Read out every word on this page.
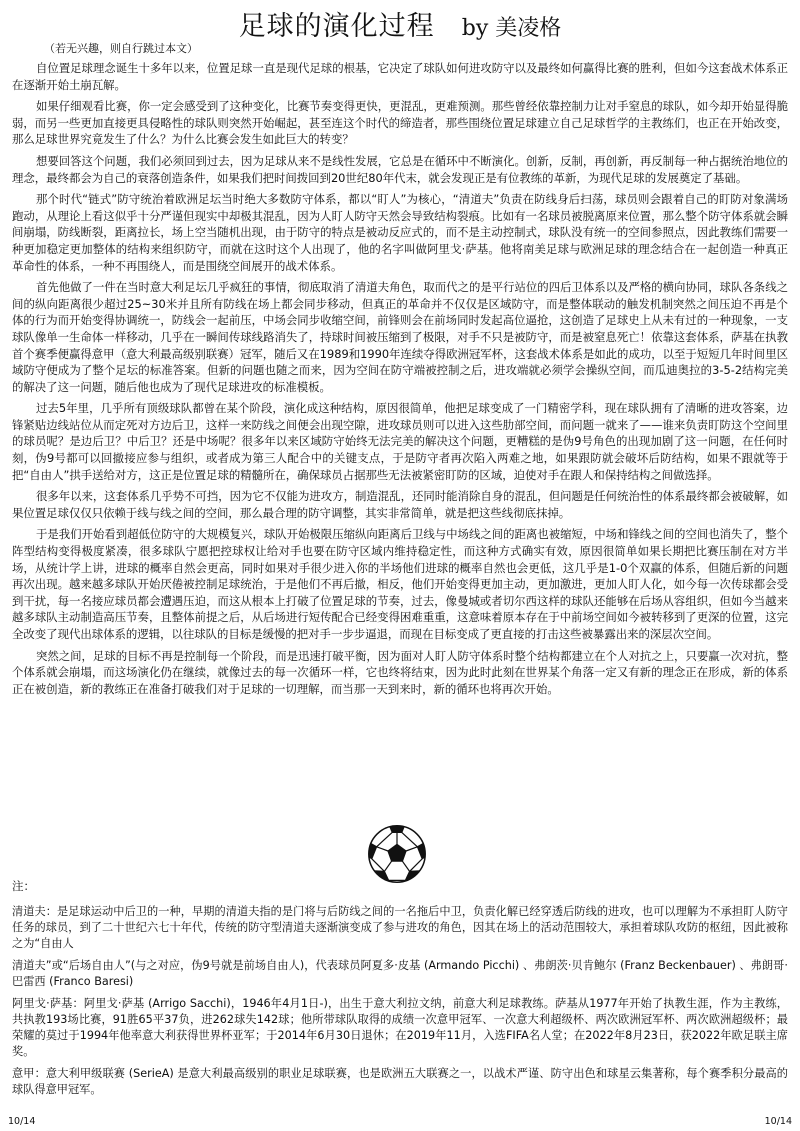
足球的演化过程 by 美凌格
（若无兴趣，则自行跳过本文）

自位置足球理念诞生十多年以来，位置足球一直是现代足球的根基，它决定了球队如何进攻防守以及最终如何赢得比赛的胜利，但如今这套战术体系正在逐渐开始土崩瓦解。

如果仔细观看比赛，你一定会感受到了这种变化，比赛节奏变得更快，更混乱，更难预测。那些曾经依靠控制力让对手窒息的球队，如今却开始显得脆弱，而另一些更加直接更具侵略性的球队则突然开始崛起，甚至连这个时代的缔造者，那些围绕位置足球建立自己足球哲学的主教练们，也正在开始改变，那么足球世界究竟发生了什么？为什么比赛会发生如此巨大的转变？

想要回答这个问题，我们必须回到过去，因为足球从来不是线性发展，它总是在循环中不断演化。创新，反制，再创新，再反制每一种占据统治地位的理念，最终都会为自己的衰落创造条件，如果我们把时间拨回到20世纪80年代末，就会发现正是有位教练的革新，为现代足球的发展奠定了基础。

那个时代“链式”防守统治着欧洲足坛当时绝大多数防守体系，都以“盯人”为核心，“清道夫”负责在防线身后扫荡，球员则会跟着自己的盯防对象满场跑动，从理论上看这似乎十分严谨但现实中却极其混乱，因为人盯人防守天然会导致结构裂痕。比如有一名球员被脱离原来位置，那么整个防守体系就会瞬间崩塌，防线断裂，距离拉长，场上空当随机出现，由于防守的特点是被动反应式的，而不是主动控制式，球队没有统一的空间参照点，因此教练们需要一种更加稳定更加整体的结构来组织防守，而就在这时这个人出现了，他的名字叫做阿里戈·萨基。他将南美足球与欧洲足球的理念结合在一起创造一种真正革命性的体系，一种不再围绕人，而是围绕空间展开的战术体系。

首先他做了一件在当时意大利足坛几乎疯狂的事情，彻底取消了清道夫角色，取而代之的是平行站位的四后卫体系以及严格的横向协同，球队各条线之间的纵向距离很少超过25~30米并且所有防线在场上都会同步移动，但真正的革命并不仅仅是区域防守，而是整体联动的触发机制突然之间压迫不再是个体的行为而开始变得协调统一，防线会一起前压，中场会同步收缩空间，前锋则会在前场同时发起高位逼抢，这创造了足球史上从未有过的一种现象，一支球队像单一生命体一样移动，几乎在一瞬间传球线路消失了，持球时间被压缩到了极限，对手不只是被防守，而是被窒息死亡！依靠这套体系，萨基在执教首个赛季便赢得意甲（意大利最高级别联赛）冠军，随后又在1989和1990年连续夺得欧洲冠军杯，这套战术体系是如此的成功，以至于短短几年时间里区域防守便成为了整个足坛的标准答案。但新的问题也随之而来，因为空间在防守端被控制之后，进攻端就必须学会操纵空间，而瓜迪奥拉的3-5-2结构完美的解决了这一问题，随后他也成为了现代足球进攻的标准模板。

过去5年里，几乎所有顶级球队都曾在某个阶段，演化成这种结构，原因很简单，他把足球变成了一门精密学科，现在球队拥有了清晰的进攻答案，边锋紧贴边线站位从而定死对方边后卫，这样一来防线之间便会出现空隙，进攻球员则可以进入这些肋部空间，而问题一就来了——谁来负责盯防这个空间里的球员呢？是边后卫？中后卫？还是中场呢？很多年以来区域防守始终无法完美的解决这个问题，更糟糕的是伪9号角色的出现加剧了这一问题，在任何时刻，伪9号都可以回撤接应参与组织，或者成为第三人配合中的关键支点，于是防守者再次陷入两难之地，如果跟防就会破坏后防结构，如果不跟就等于把“自由人”拱手送给对方，这正是位置足球的精髓所在，确保球员占据那些无法被紧密盯防的区域，迫使对手在跟人和保持结构之间做选择。

很多年以来，这套体系几乎势不可挡，因为它不仅能为进攻方，制造混乱，还同时能消除自身的混乱，但问题是任何统治性的体系最终都会被破解，如果位置足球仅仅只依赖于线与线之间的空间，那么最合理的防守调整，其实非常简单，就是把这些线彻底抹掉。

于是我们开始看到超低位防守的大规模复兴，球队开始极限压缩纵向距离后卫线与中场线之间的距离也被缩短，中场和锋线之间的空间也消失了，整个阵型结构变得极度紧凑，很多球队宁愿把控球权让给对手也要在防守区域内维持稳定性，而这种方式确实有效，原因很简单如果长期把比赛压制在对方半场，从统计学上讲，进球的概率自然会更高，同时如果对手很少进入你的半场他们进球的概率自然也会更低，这几乎是1-0个双赢的体系，但随后新的问题再次出现。越来越多球队开始厌倦被控制足球统治，于是他们不再后撤，相反，他们开始变得更加主动，更加激进，更加人盯人化，如今每一次传球都会受到干扰，每一名接应球员都会遭遇压迫，而这从根本上打破了位置足球的节奏，过去，像曼城或者切尔西这样的球队还能够在后场从容组织，但如今当越来越多球队主动制造高压节奏，且整体前提之后，从后场进行短传配合已经变得困难重重，这意味着原本存在于中前场空间如今被转移到了更深的位置，这完全改变了现代出球体系的逻辑，以往球队的目标是缓慢的把对手一步步逼退，而现在目标变成了更直接的打击这些被暴露出来的深层次空间。

突然之间，足球的目标不再是控制每一个阶段，而是迅速打破平衡，因为面对人盯人防守体系时整个结构都建立在个人对抗之上，只要赢一次对抗，整个体系就会崩塌，而这场演化仍在继续，就像过去的每一次循环一样，它也终将结束，因为此时此刻在世界某个角落一定又有新的理念正在形成，新的体系正在被创造，新的教练正在准备打破我们对于足球的一切理解，而当那一天到来时，新的循环也将再次开始。

注：

清道夫：是足球运动中后卫的一种，早期的清道夫指的是门将与后防线之间的一名拖后中卫，负责化解已经穿透后防线的进攻，也可以理解为不承担盯人防守任务的球员，到了二十世纪六七十年代，传统的防守型清道夫逐渐演变成了参与进攻的角色，因其在场上的活动范围较大，承担着球队攻防的枢纽，因此被称之为“自由人

清道夫”或“后场自由人”(与之对应，伪9号就是前场自由人)，代表球员阿夏多·皮基 (Armando Picchi) 、弗朗茨·贝肯鲍尔 (Franz Beckenbauer) 、弗朗哥·巴雷西 (Franco Baresi)

阿里戈·萨基：阿里戈·萨基 (Arrigo Sacchi)，1946年4月1日-)，出生于意大利拉文纳，前意大利足球教练。萨基从1977年开始了执教生涯，作为主教练，共执教193场比赛，91胜65平37负，进262球失142球；他所带球队取得的成绩一次意甲冠军、一次意大利超级杯、两次欧洲冠军杯、两次欧洲超级杯；最荣耀的莫过于1994年他率意大利获得世界杯亚军；于2014年6月30日退休；在2019年11月，入选FIFA名人堂；在2022年8月23日，获2022年欧足联主席奖。

意甲：意大利甲级联赛 (SerieA) 是意大利最高级别的职业足球联赛，也是欧洲五大联赛之一，以战术严谨、防守出色和球星云集著称，每个赛季积分最高的球队得意甲冠军。

10/14	10/14
